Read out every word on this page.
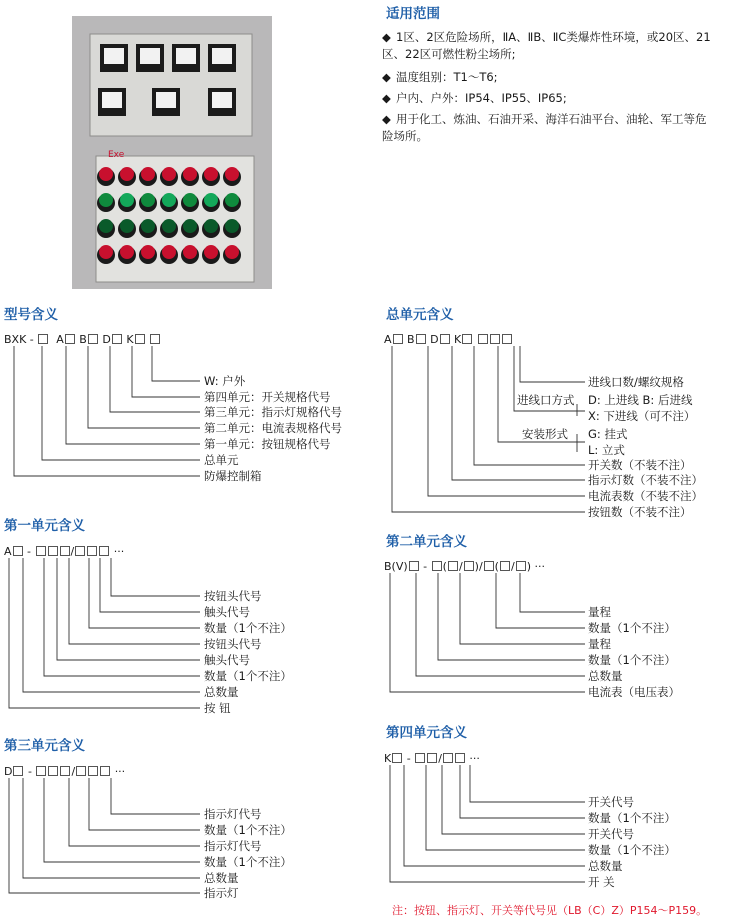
Exe
适用范围
◆ 1区、2区危险场所，ⅡA、ⅡB、ⅡC类爆炸性环境，或20区、21区、22区可燃性粉尘场所;
◆ 温度组别：T1～T6;
◆ 户内、户外：IP54、IP55、IP65;
◆ 用于化工、炼油、石油开采、海洋石油平台、油轮、军工等危险场所。
型号含义
BXK - A B D K
W: 户外
第四单元：开关规格代号
第三单元：指示灯规格代号
第二单元：电流表规格代号
第一单元：按钮规格代号
总单元
防爆控制箱
总单元含义
A B D K
进线口数/螺纹规格
进线口方式 D: 上进线 B: 后进线
X: 下进线（可不注）
安装形式 G: 挂式
L: 立式
开关数（不装不注）
指示灯数（不装不注）
电流表数（不装不注）
按钮数（不装不注）
第一单元含义
A -	/	···
按钮头代号
触头代号
数量（1个不注）
按钮头代号
触头代号
数量（1个不注）
总数量
按 钮
第二单元含义
B(V) - ( / )/ ( / ) ···
量程
数量（1个不注）
量程
数量（1个不注）
总数量
电流表（电压表）
第三单元含义
D -	/	···
指示灯代号
数量（1个不注）
指示灯代号
数量（1个不注）
总数量
指示灯
第四单元含义
K -	/	···
开关代号
数量（1个不注）
开关代号
数量（1个不注）
总数量
开 关
注：按钮、指示灯、开关等代号见（LB（C）Z）P154～P159。
